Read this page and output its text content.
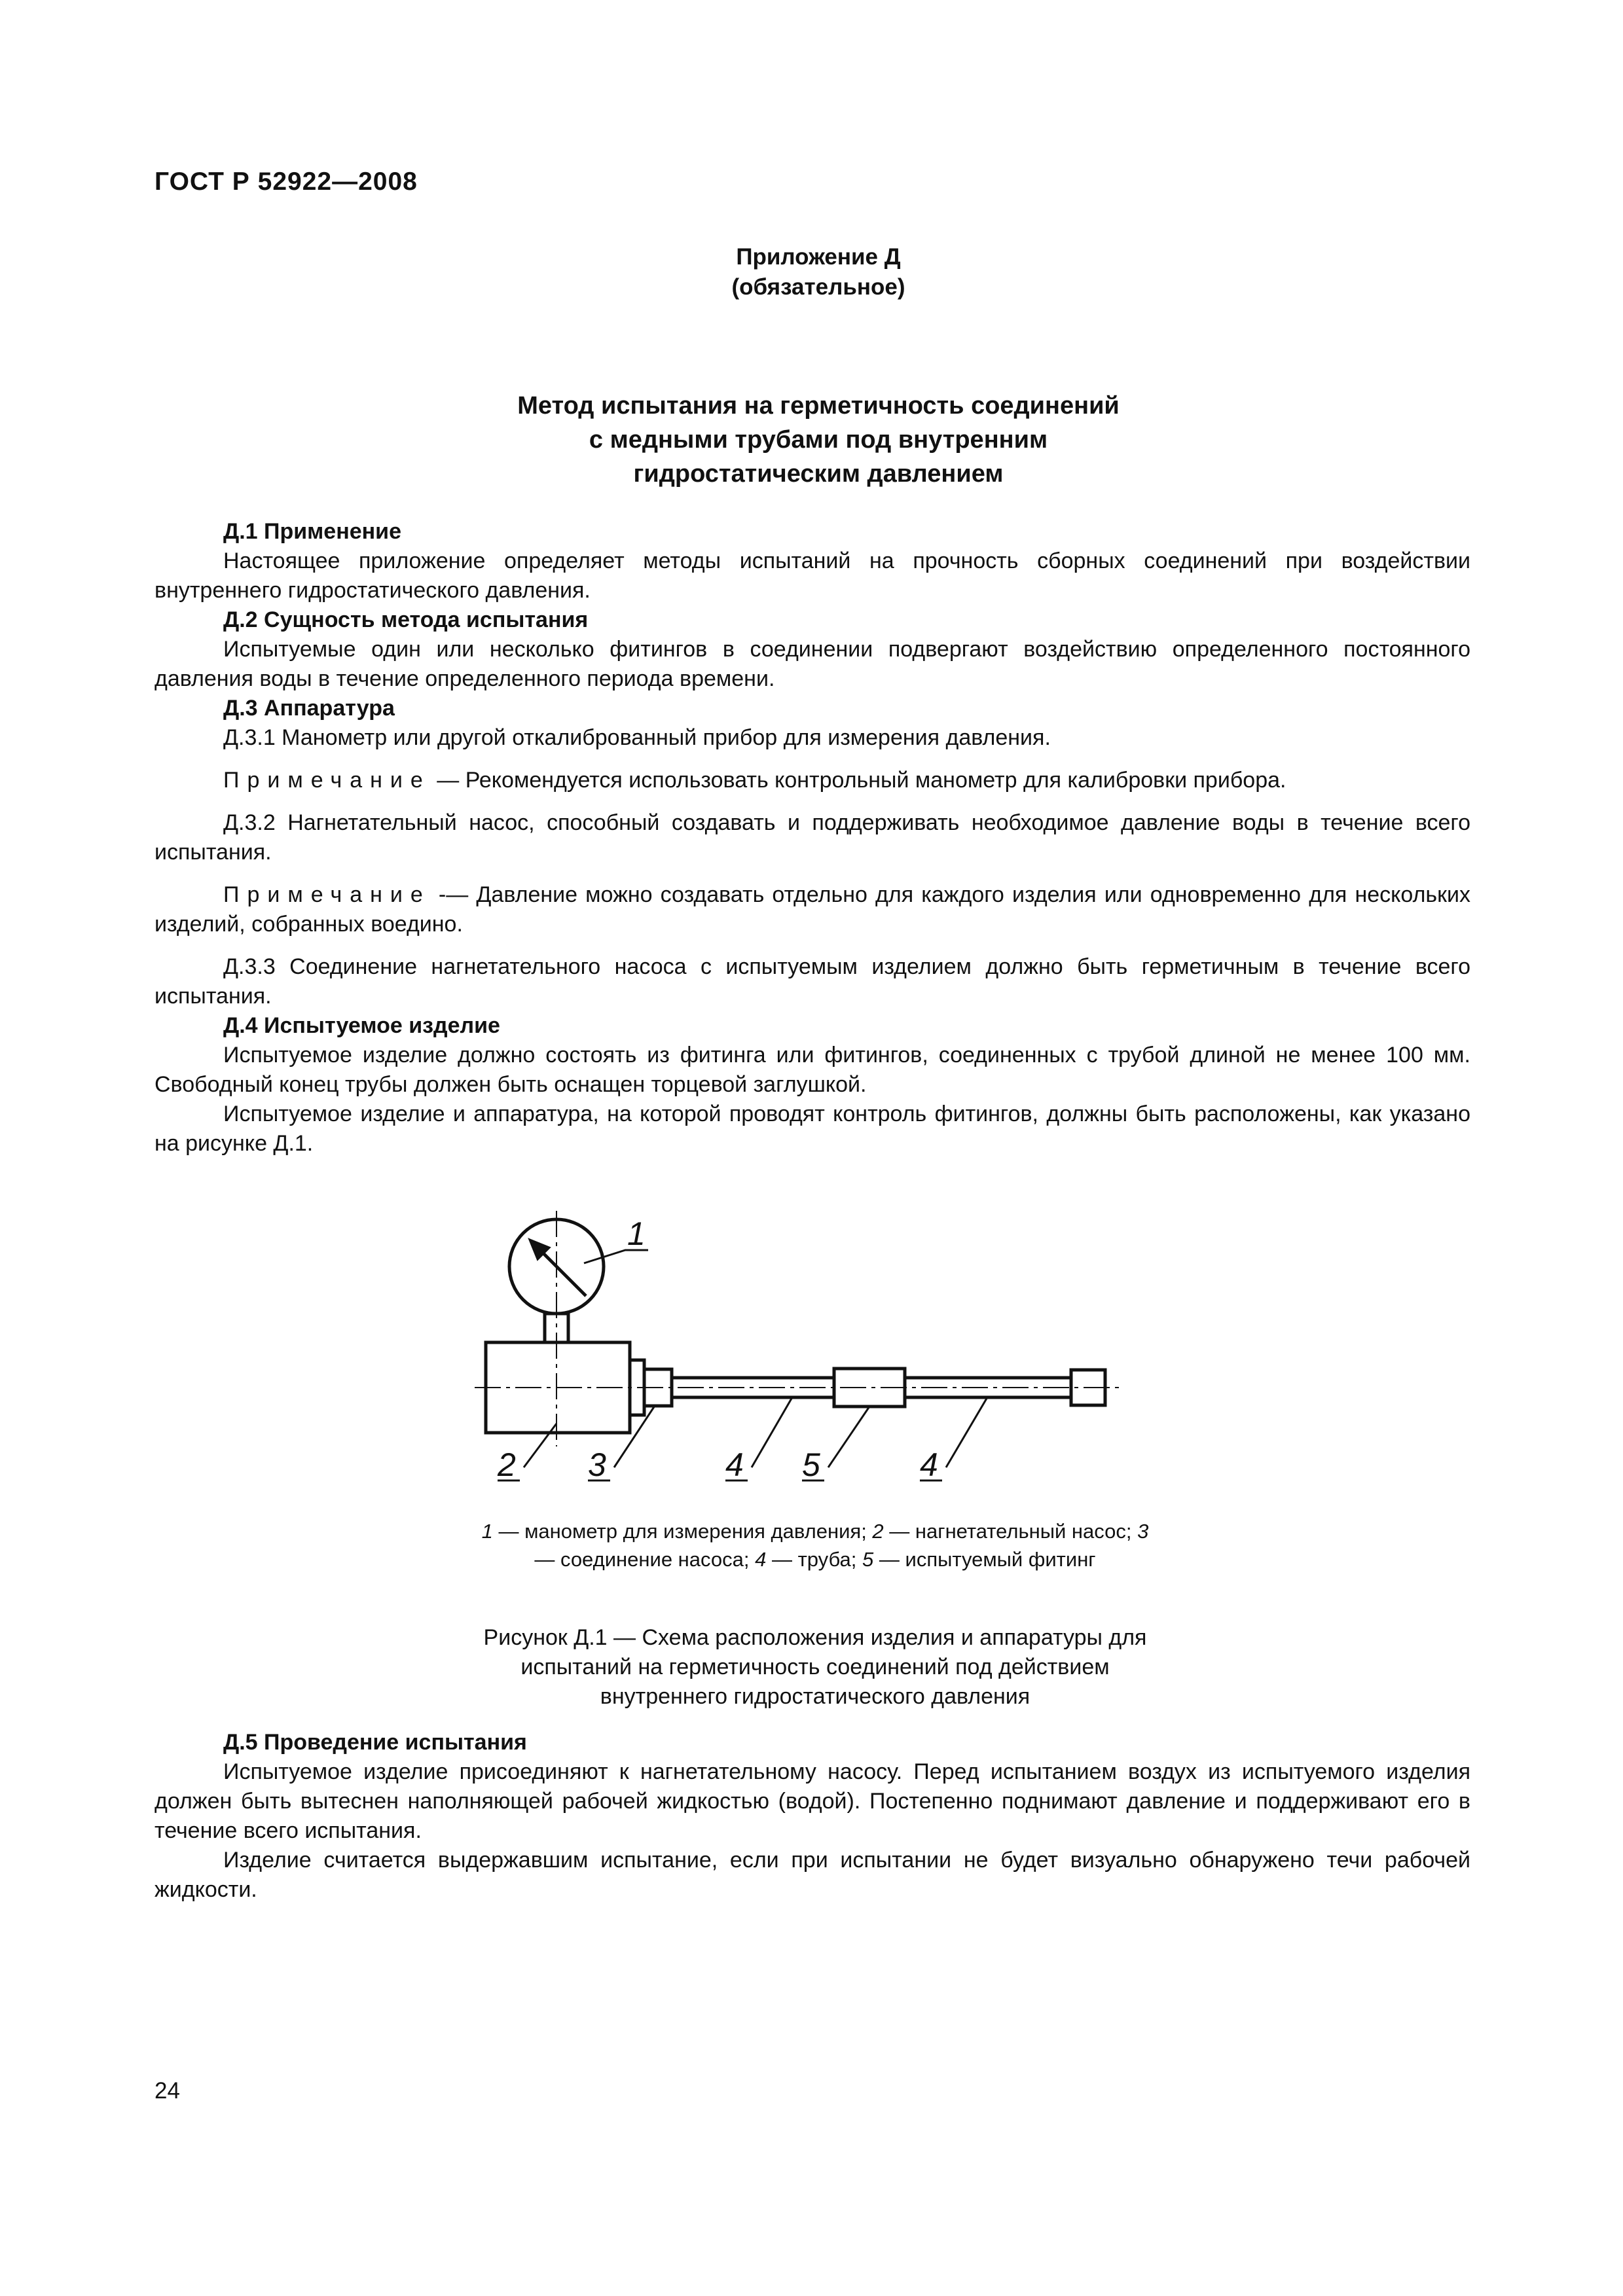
ГОСТ Р 52922—2008
Приложение Д
(обязательное)
Метод испытания на герметичность соединений
с медными трубами под внутренним
гидростатическим давлением
Д.1 Применение

Настоящее приложение определяет методы испытаний на прочность сборных соединений при воздействии внутреннего гидростатического давления.

Д.2 Сущность метода испытания

Испытуемые один или несколько фитингов в соединении подвергают воздействию определенного постоянного давления воды в течение определенного периода времени.

Д.3 Аппаратура

Д.3.1 Манометр или другой откалиброванный прибор для измерения давления.

Примечание — Рекомендуется использовать контрольный манометр для калибровки прибора.

Д.3.2 Нагнетательный насос, способный создавать и поддерживать необходимое давление воды в течение всего испытания.

Примечание -— Давление можно создавать отдельно для каждого изделия или одновременно для нескольких изделий, собранных воедино.

Д.3.3 Соединение нагнетательного насоса с испытуемым изделием должно быть герметичным в течение всего испытания.

Д.4 Испытуемое изделие

Испытуемое изделие должно состоять из фитинга или фитингов, соединенных с трубой длиной не менее 100 мм. Свободный конец трубы должен быть оснащен торцевой заглушкой.

Испытуемое изделие и аппаратура, на которой проводят контроль фитингов, должны быть расположены, как указано на рисунке Д.1.

1
2 3	4 5	4
1 — манометр для измерения давления; 2 — нагнетательный насос; 3 — соединение насоса; 4 — труба; 5 — испытуемый фитинг
Рисунок Д.1 — Схема расположения изделия и аппаратуры для испытаний на герметичность соединений под действием внутреннего гидростатического давления
Д.5 Проведение испытания

Испытуемое изделие присоединяют к нагнетательному насосу. Перед испытанием воздух из испытуемого изделия должен быть вытеснен наполняющей рабочей жидкостью (водой). Постепенно поднимают давление и поддерживают его в течение всего испытания.

Изделие считается выдержавшим испытание, если при испытании не будет визуально обнаружено течи рабочей жидкости.

24
